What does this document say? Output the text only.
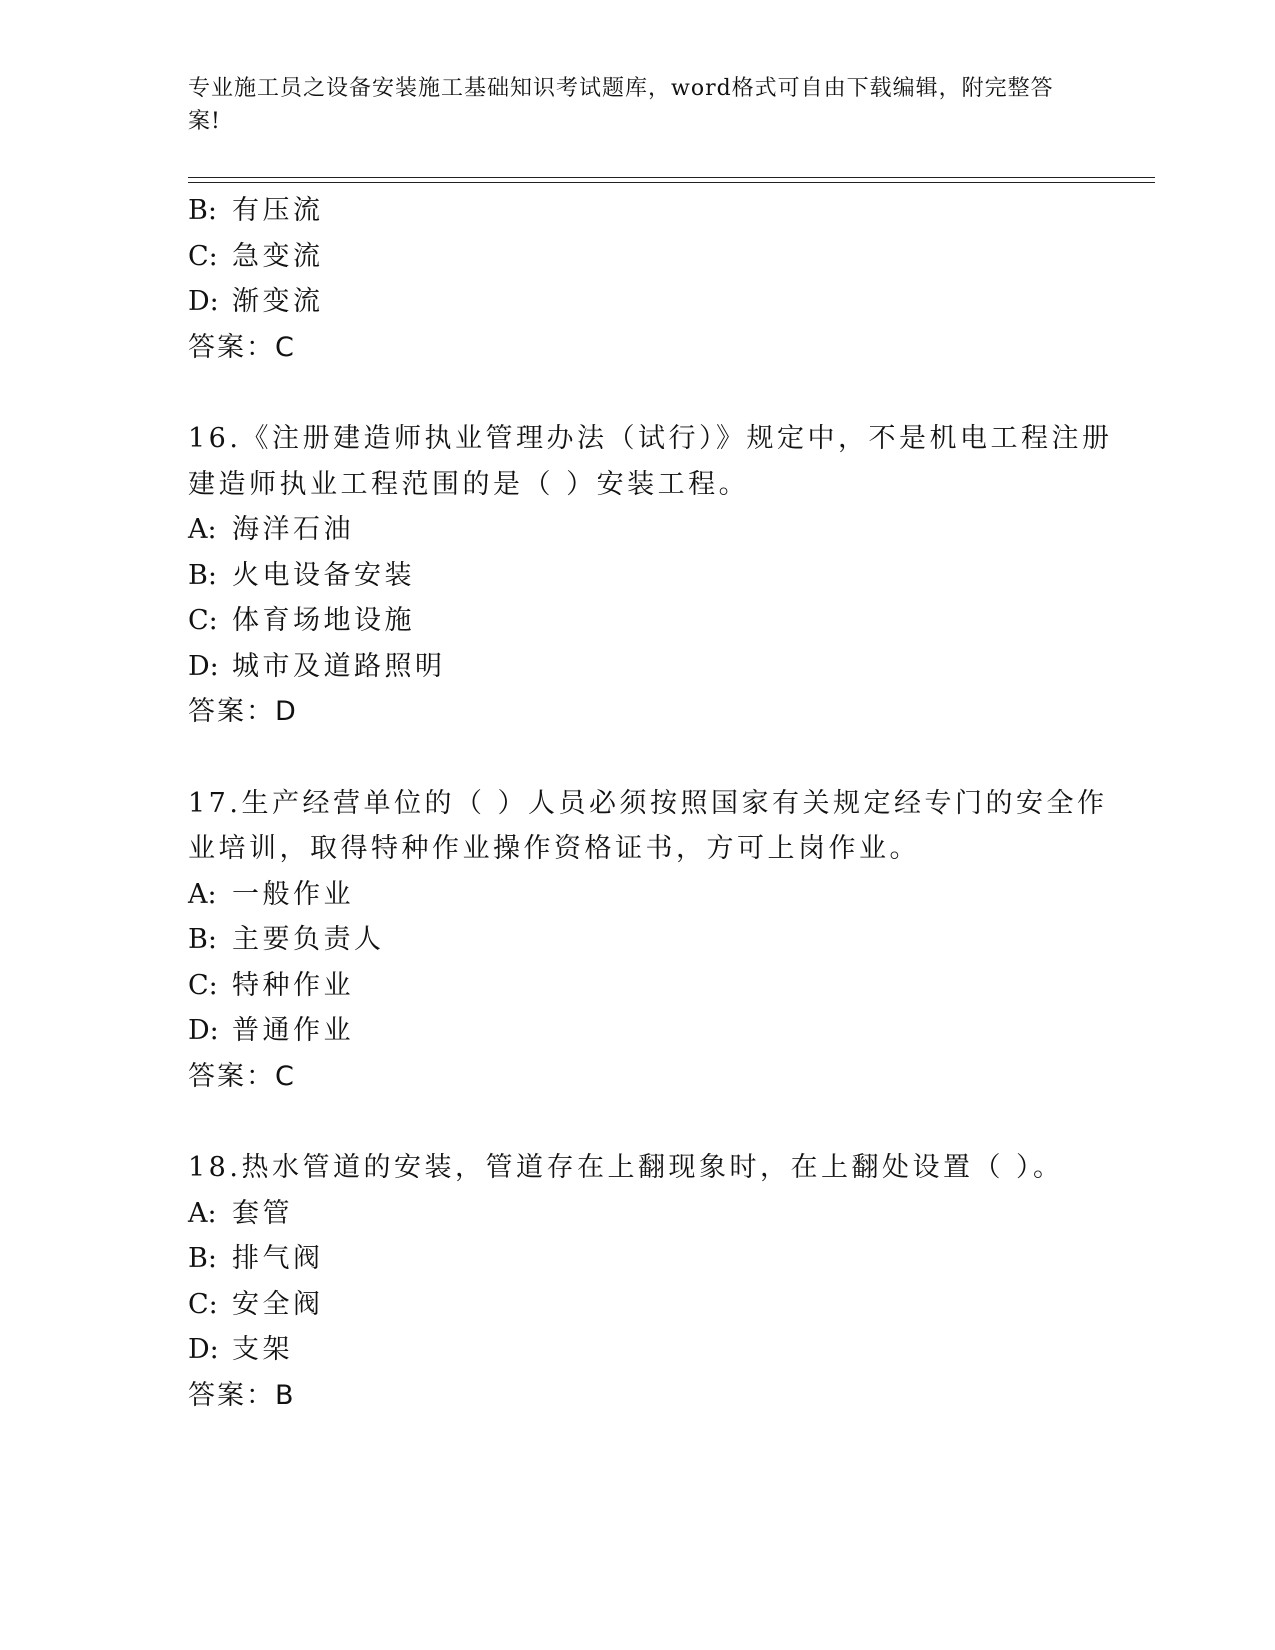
专业施工员之设备安装施工基础知识考试题库，word格式可自由下载编辑，附完整答案!
B: 有压流
C: 急变流
D: 渐变流
答案：C
16.《注册建造师执业管理办法（试行）》规定中，不是机电工程注册
建造师执业工程范围的是（ ）安装工程。
A: 海洋石油
B: 火电设备安装
C: 体育场地设施
D: 城市及道路照明
答案：D
17.生产经营单位的（ ）人员必须按照国家有关规定经专门的安全作
业培训，取得特种作业操作资格证书，方可上岗作业。
A: 一般作业
B: 主要负责人
C: 特种作业
D: 普通作业
答案：C
18.热水管道的安装，管道存在上翻现象时，在上翻处设置（ ）。
A: 套管
B: 排气阀
C: 安全阀
D: 支架
答案：B
